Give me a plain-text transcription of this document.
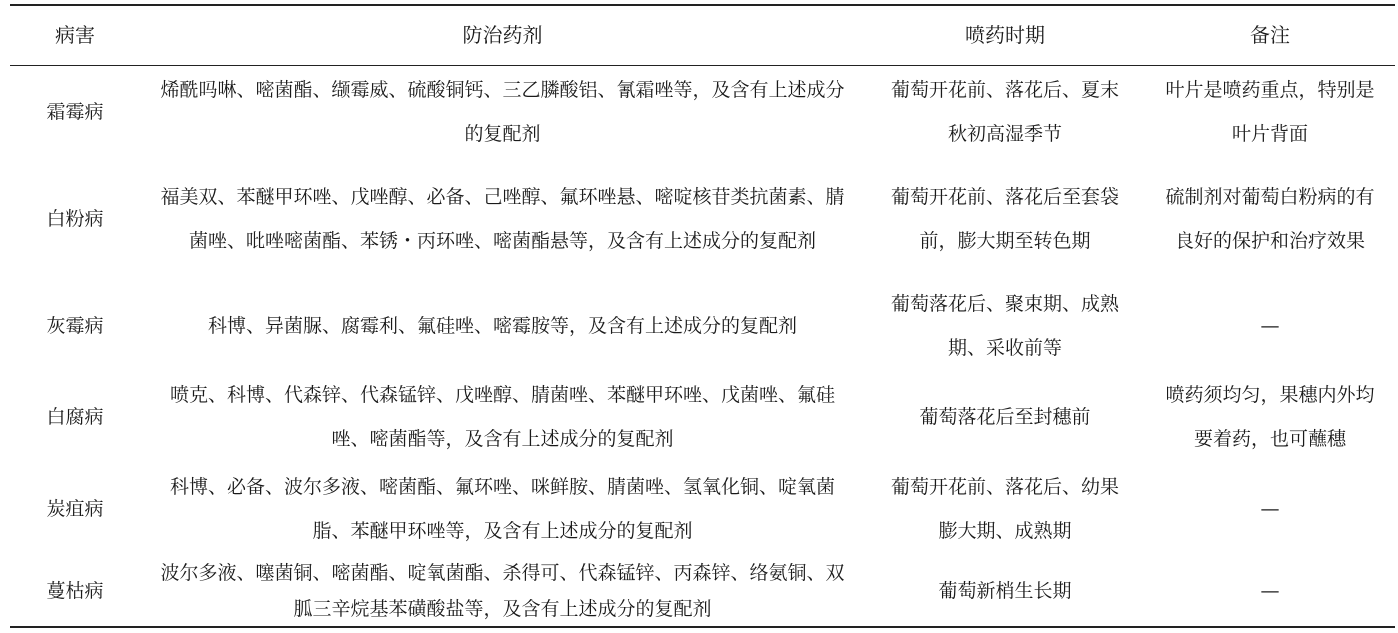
病害	防治药剂	喷药时期	备注
霜霉病	烯酰吗啉、嘧菌酯、缬霉威、硫酸铜钙、三乙膦酸铝、氰霜唑等，及含有上述成分的复配剂	葡萄开花前、落花后、夏末秋初高湿季节	叶片是喷药重点，特别是叶片背面
白粉病	福美双、苯醚甲环唑、戊唑醇、必备、己唑醇、氟环唑悬、嘧啶核苷类抗菌素、腈菌唑、吡唑嘧菌酯、苯锈・丙环唑、嘧菌酯悬等，及含有上述成分的复配剂	葡萄开花前、落花后至套袋前，膨大期至转色期	硫制剂对葡萄白粉病的有良好的保护和治疗效果
灰霉病	科博、异菌脲、腐霉利、氟硅唑、嘧霉胺等，及含有上述成分的复配剂	葡萄落花后、聚束期、成熟期、采收前等	—
白腐病	喷克、科博、代森锌、代森锰锌、戊唑醇、腈菌唑、苯醚甲环唑、戊菌唑、氟硅唑、嘧菌酯等，及含有上述成分的复配剂	葡萄落花后至封穗前	喷药须均匀，果穗内外均要着药，也可蘸穗
炭疽病	科博、必备、波尔多液、嘧菌酯、氟环唑、咪鲜胺、腈菌唑、氢氧化铜、啶氧菌脂、苯醚甲环唑等，及含有上述成分的复配剂	葡萄开花前、落花后、幼果膨大期、成熟期	—
蔓枯病	波尔多液、噻菌铜、嘧菌酯、啶氧菌酯、杀得可、代森锰锌、丙森锌、络氨铜、双胍三辛烷基苯磺酸盐等，及含有上述成分的复配剂	葡萄新梢生长期	—
